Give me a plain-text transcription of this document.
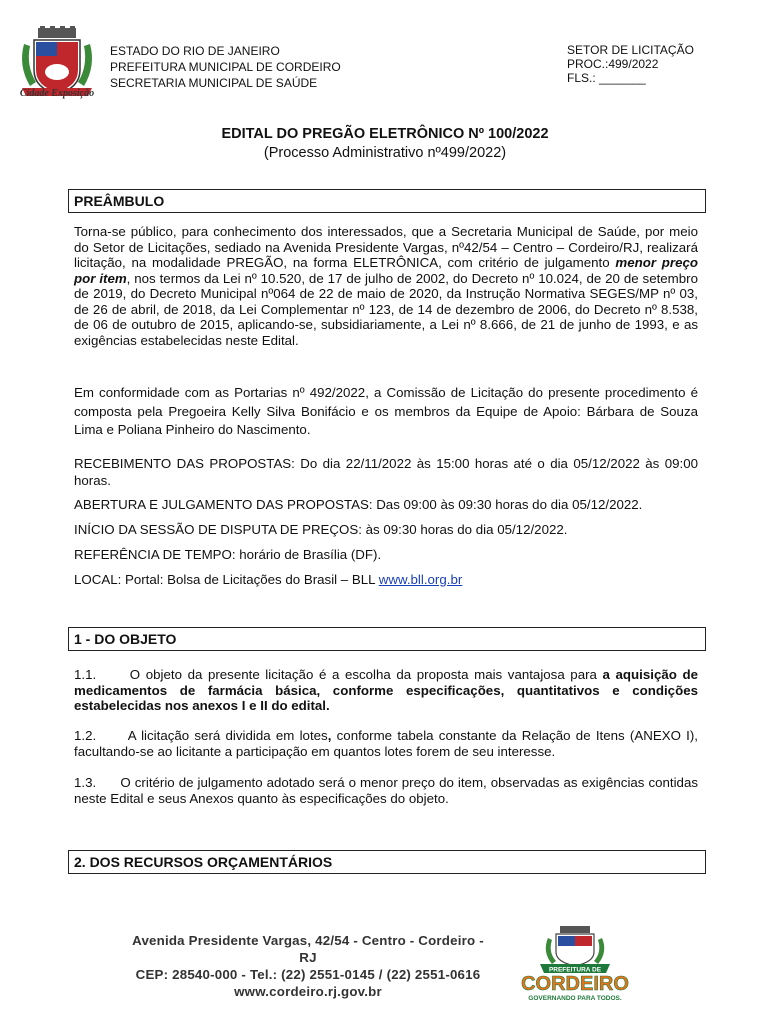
Cidade Exposição
ESTADO DO RIO DE JANEIRO
PREFEITURA MUNICIPAL DE CORDEIRO
SECRETARIA MUNICIPAL DE SAÚDE
SETOR DE LICITAÇÃO
PROC.:499/2022
FLS.: _______
EDITAL DO PREGÃO ELETRÔNICO Nº 100/2022
(Processo Administrativo nº499/2022)
PREÂMBULO
Torna-se público, para conhecimento dos interessados, que a Secretaria Municipal de Saúde, por meio do Setor de Licitações, sediado na Avenida Presidente Vargas, nº42/54 – Centro – Cordeiro/RJ, realizará licitação, na modalidade PREGÃO, na forma ELETRÔNICA, com critério de julgamento menor preço por item, nos termos da Lei nº 10.520, de 17 de julho de 2002, do Decreto nº 10.024, de 20 de setembro de 2019, do Decreto Municipal nº064 de 22 de maio de 2020, da Instrução Normativa SEGES/MP nº 03, de 26 de abril, de 2018, da Lei Complementar nº 123, de 14 de dezembro de 2006, do Decreto nº 8.538, de 06 de outubro de 2015, aplicando-se, subsidiariamente, a Lei nº 8.666, de 21 de junho de 1993, e as exigências estabelecidas neste Edital.
Em conformidade com as Portarias nº 492/2022, a Comissão de Licitação do presente procedimento é composta pela Pregoeira Kelly Silva Bonifácio e os membros da Equipe de Apoio: Bárbara de Souza Lima e Poliana Pinheiro do Nascimento.
RECEBIMENTO DAS PROPOSTAS: Do dia 22/11/2022 às 15:00 horas até o dia 05/12/2022 às 09:00 horas.
ABERTURA E JULGAMENTO DAS PROPOSTAS: Das 09:00 às 09:30 horas do dia 05/12/2022.
INÍCIO DA SESSÃO DE DISPUTA DE PREÇOS: às 09:30 horas do dia 05/12/2022.
REFERÊNCIA DE TEMPO: horário de Brasília (DF).
LOCAL: Portal: Bolsa de Licitações do Brasil – BLL www.bll.org.br
1 - DO OBJETO
1.1.	O objeto da presente licitação é a escolha da proposta mais vantajosa para a aquisição de medicamentos de farmácia básica, conforme especificações, quantitativos e condições estabelecidas nos anexos I e II do edital.
1.2. A licitação será dividida em lotes, conforme tabela constante da Relação de Itens (ANEXO I), facultando-se ao licitante a participação em quantos lotes forem de seu interesse.
1.3. O critério de julgamento adotado será o menor preço do item, observadas as exigências contidas neste Edital e seus Anexos quanto às especificações do objeto.
2. DOS RECURSOS ORÇAMENTÁRIOS
Avenida Presidente Vargas, 42/54 - Centro - Cordeiro - RJ
CEP: 28540-000 - Tel.: (22) 2551-0145 / (22) 2551-0616
www.cordeiro.rj.gov.br
PREFEITURA DE
CORDEIRO
GOVERNANDO PARA TODOS.
